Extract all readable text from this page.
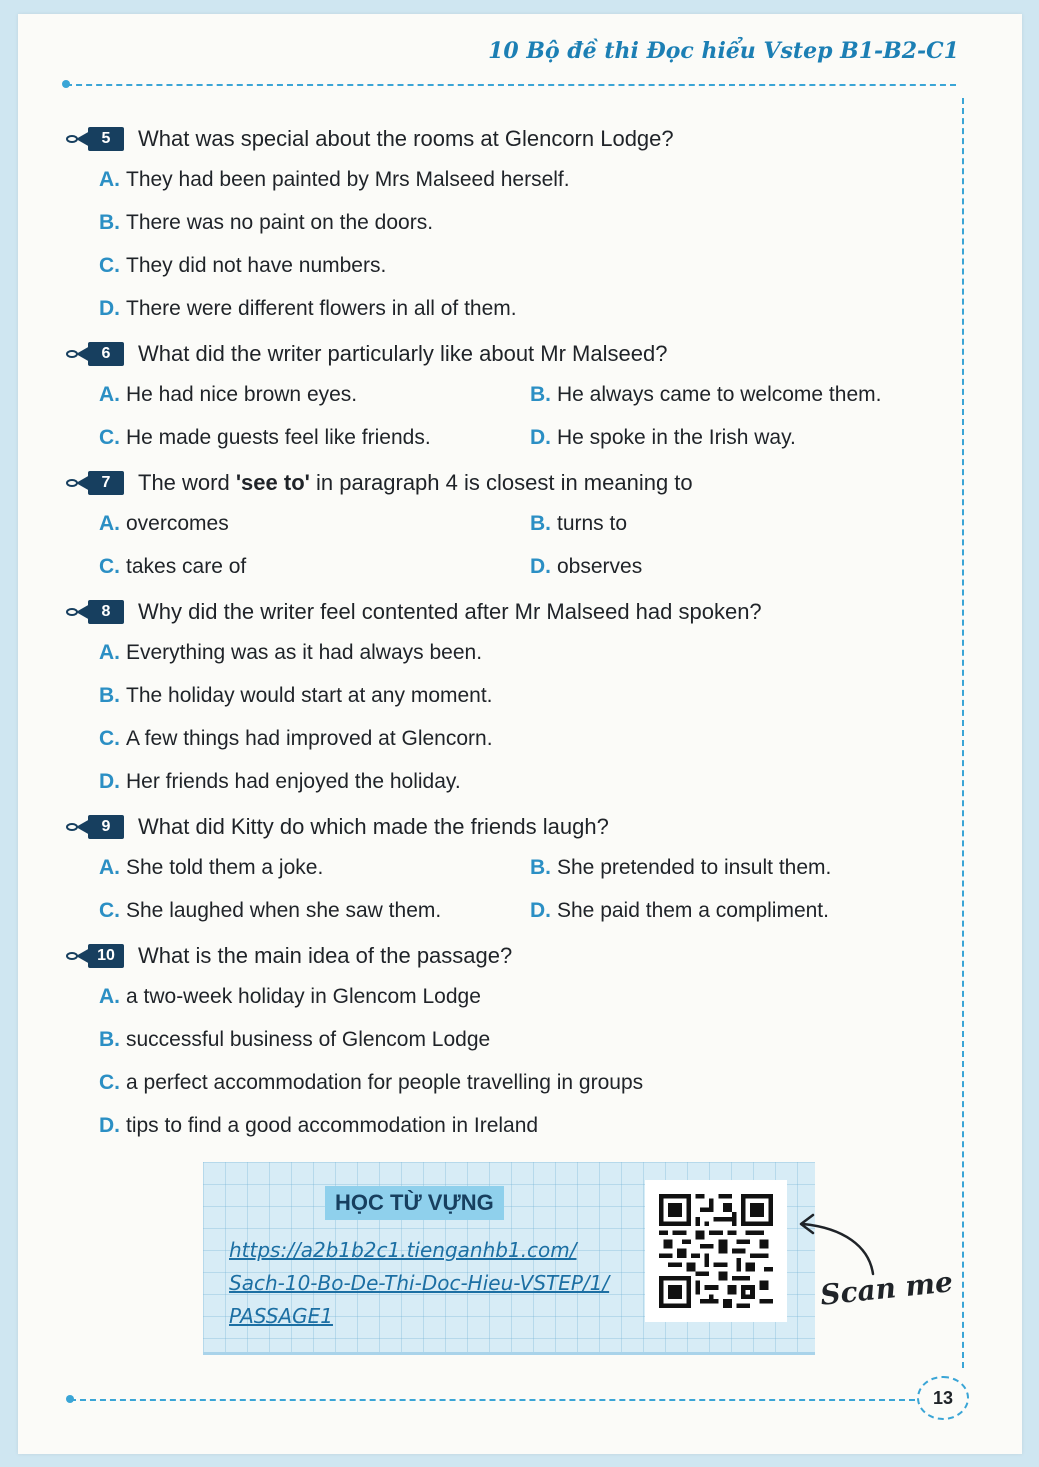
10 Bộ đề thi Đọc hiểu Vstep B1-B2-C1
5	What was special about the rooms at Glencorn Lodge?
A. They had been painted by Mrs Malseed herself.
B. There was no paint on the doors.
C. They did not have numbers.
D. There were different flowers in all of them.
6	What did the writer particularly like about Mr Malseed?
A. He had nice brown eyes.	B. He always came to welcome them.
C. He made guests feel like friends.	D. He spoke in the Irish way.
7	The word 'see to' in paragraph 4 is closest in meaning to
A. overcomes	B. turns to
C. takes care of	D. observes
8	Why did the writer feel contented after Mr Malseed had spoken?
A. Everything was as it had always been.
B. The holiday would start at any moment.
C. A few things had improved at Glencorn.
D. Her friends had enjoyed the holiday.
9	What did Kitty do which made the friends laugh?
A. She told them a joke.	B. She pretended to insult them.
C. She laughed when she saw them.	D. She paid them a compliment.
10	What is the main idea of the passage?
A. a two-week holiday in Glencom Lodge
B. successful business of Glencom Lodge
C. a perfect accommodation for people travelling in groups
D. tips to find a good accommodation in Ireland
HỌC TỪ VỰNG
https://a2b1b2c1.tienganhb1.com/
Sach-10-Bo-De-Thi-Doc-Hieu-VSTEP/1/
PASSAGE1
Scan me
13
